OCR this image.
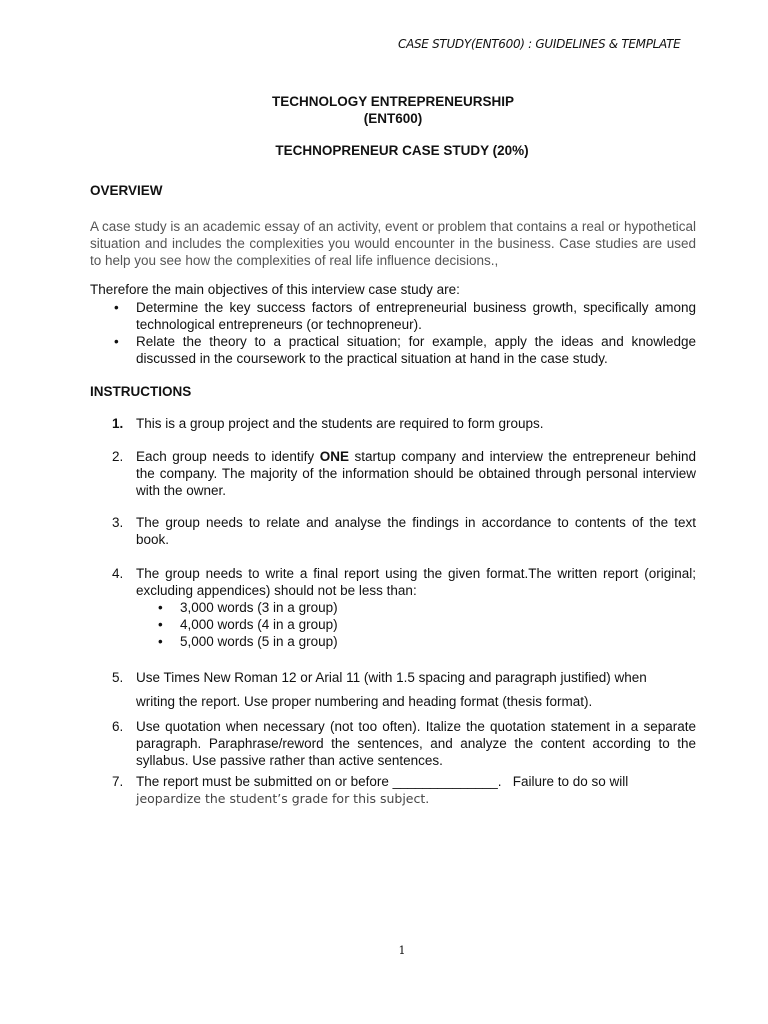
CASE STUDY(ENT600) : GUIDELINES & TEMPLATE
TECHNOLOGY ENTREPRENEURSHIP
(ENT600)
TECHNOPRENEUR CASE STUDY (20%)
OVERVIEW
A case study is an academic essay of an activity, event or problem that contains a real or hypothetical situation and includes the complexities you would encounter in the business. Case studies are used to help you see how the complexities of real life influence decisions.,
Therefore the main objectives of this interview case study are:
• Determine the key success factors of entrepreneurial business growth, specifically among technological entrepreneurs (or technopreneur).
• Relate the theory to a practical situation; for example, apply the ideas and knowledge discussed in the coursework to the practical situation at hand in the case study.
INSTRUCTIONS
1. This is a group project and the students are required to form groups.
2. Each group needs to identify ONE startup company and interview the entrepreneur behind the company. The majority of the information should be obtained through personal interview with the owner.
3. The group needs to relate and analyse the findings in accordance to contents of the text book.
4. The group needs to write a final report using the given format.The written report (original; excluding appendices) should not be less than:
• 3,000 words (3 in a group)
• 4,000 words (4 in a group)
• 5,000 words (5 in a group)
5. Use Times New Roman 12 or Arial 11 (with 1.5 spacing and paragraph justified) when
writing the report. Use proper numbering and heading format (thesis format).
6. Use quotation when necessary (not too often). Italize the quotation statement in a separate paragraph. Paraphrase/reword the sentences, and analyze the content according to the syllabus. Use passive rather than active sentences.
7. The report must be submitted on or before ______________.   Failure to do so will
jeopardize the student’s grade for this subject.
1
